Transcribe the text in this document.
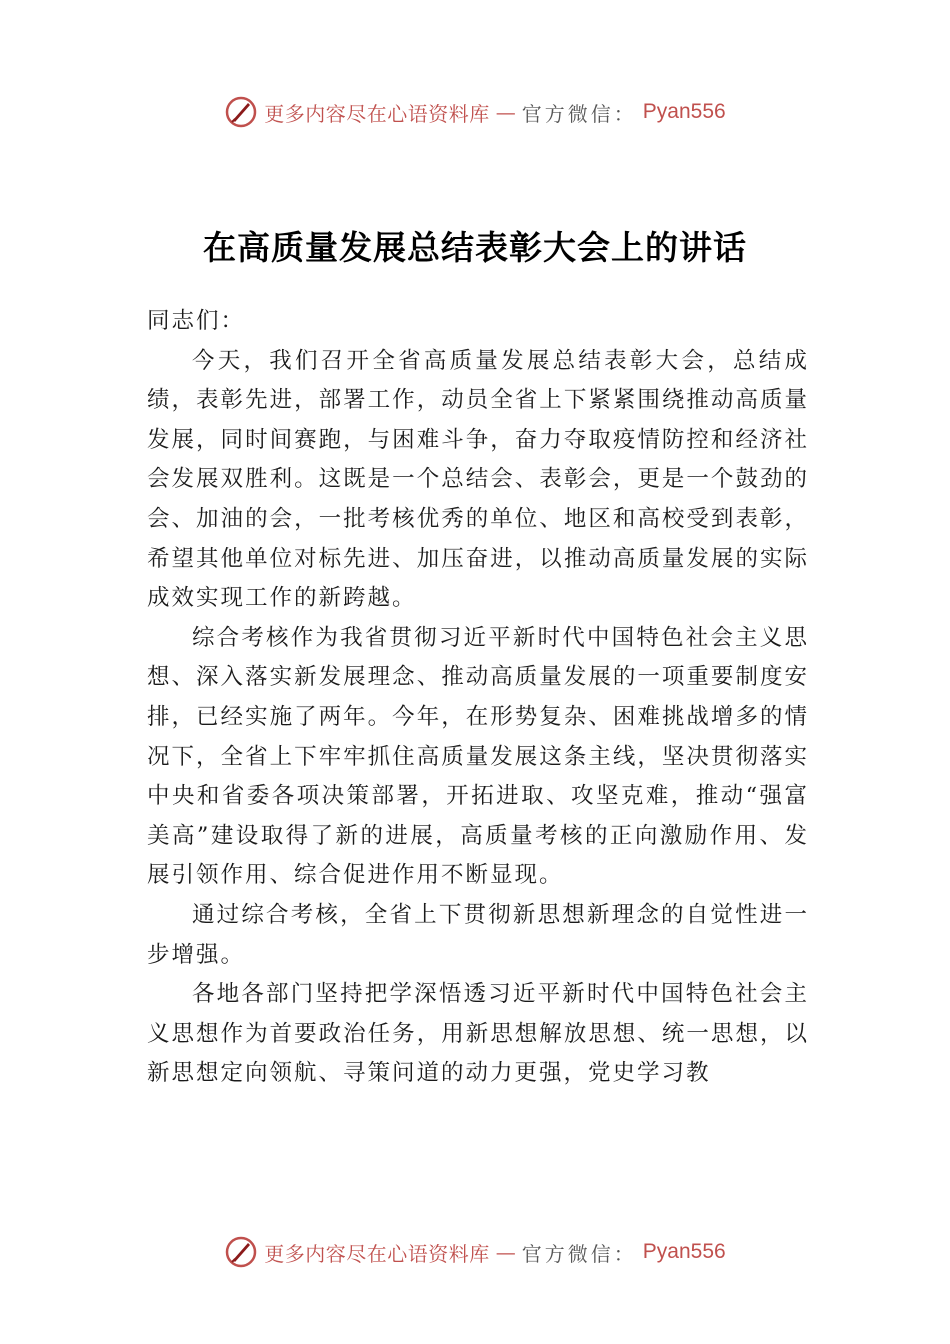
更多内容尽在心语资料库 — 官方微信： Pyan556
在高质量发展总结表彰大会上的讲话

同志们：

今天，我们召开全省高质量发展总结表彰大会，总结成绩，表彰先进，部署工作，动员全省上下紧紧围绕推动高质量发展，同时间赛跑，与困难斗争，奋力夺取疫情防控和经济社会发展双胜利。这既是一个总结会、表彰会，更是一个鼓劲的会、加油的会，一批考核优秀的单位、地区和高校受到表彰，希望其他单位对标先进、加压奋进，以推动高质量发展的实际成效实现工作的新跨越。

综合考核作为我省贯彻习近平新时代中国特色社会主义思想、深入落实新发展理念、推动高质量发展的一项重要制度安排，已经实施了两年。今年，在形势复杂、困难挑战增多的情况下，全省上下牢牢抓住高质量发展这条主线，坚决贯彻落实中央和省委各项决策部署，开拓进取、攻坚克难，推动“强富美高”建设取得了新的进展，高质量考核的正向激励作用、发展引领作用、综合促进作用不断显现。

通过综合考核，全省上下贯彻新思想新理念的自觉性进一步增强。

各地各部门坚持把学深悟透习近平新时代中国特色社会主义思想作为首要政治任务，用新思想解放思想、统一思想，以新思想定向领航、寻策问道的动力更强，党史学习教

更多内容尽在心语资料库 — 官方微信： Pyan556
